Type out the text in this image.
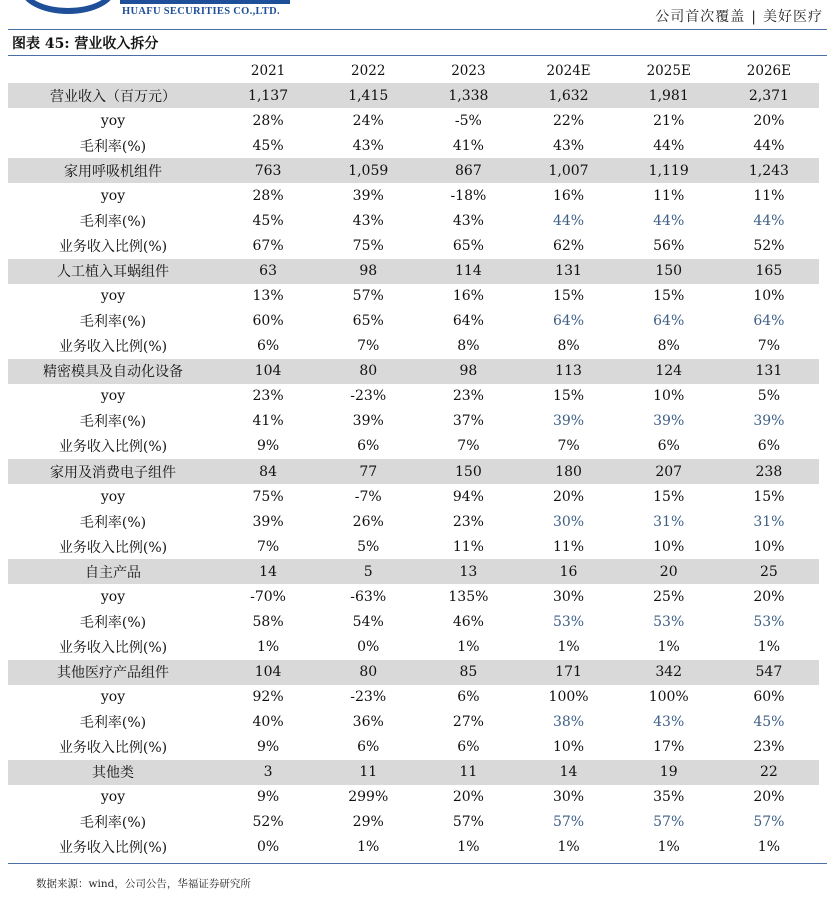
HUAFU SECURITIES CO.,LTD.	公司首次覆盖 | 美好医疗
图表 45: 营业收入拆分
	2021	2022	2023	2024E	2025E	2026E
营业收入（百万元）	1,137	1,415	1,338	1,632	1,981	2,371
yoy	28%	24%	-5%	22%	21%	20%
毛利率(%)	45%	43%	41%	43%	44%	44%
家用呼吸机组件	763	1,059	867	1,007	1,119	1,243
yoy	28%	39%	-18%	16%	11%	11%
毛利率(%)	45%	43%	43%	44%	44%	44%
业务收入比例(%)	67%	75%	65%	62%	56%	52%
人工植入耳蜗组件	63	98	114	131	150	165
yoy	13%	57%	16%	15%	15%	10%
毛利率(%)	60%	65%	64%	64%	64%	64%
业务收入比例(%)	6%	7%	8%	8%	8%	7%
精密模具及自动化设备	104	80	98	113	124	131
yoy	23%	-23%	23%	15%	10%	5%
毛利率(%)	41%	39%	37%	39%	39%	39%
业务收入比例(%)	9%	6%	7%	7%	6%	6%
家用及消费电子组件	84	77	150	180	207	238
yoy	75%	-7%	94%	20%	15%	15%
毛利率(%)	39%	26%	23%	30%	31%	31%
业务收入比例(%)	7%	5%	11%	11%	10%	10%
自主产品	14	5	13	16	20	25
yoy	-70%	-63%	135%	30%	25%	20%
毛利率(%)	58%	54%	46%	53%	53%	53%
业务收入比例(%)	1%	0%	1%	1%	1%	1%
其他医疗产品组件	104	80	85	171	342	547
yoy	92%	-23%	6%	100%	100%	60%
毛利率(%)	40%	36%	27%	38%	43%	45%
业务收入比例(%)	9%	6%	6%	10%	17%	23%
其他类	3	11	11	14	19	22
yoy	9%	299%	20%	30%	35%	20%
毛利率(%)	52%	29%	57%	57%	57%	57%
业务收入比例(%)	0%	1%	1%	1%	1%	1%
数据来源：wind，公司公告，华福证券研究所
